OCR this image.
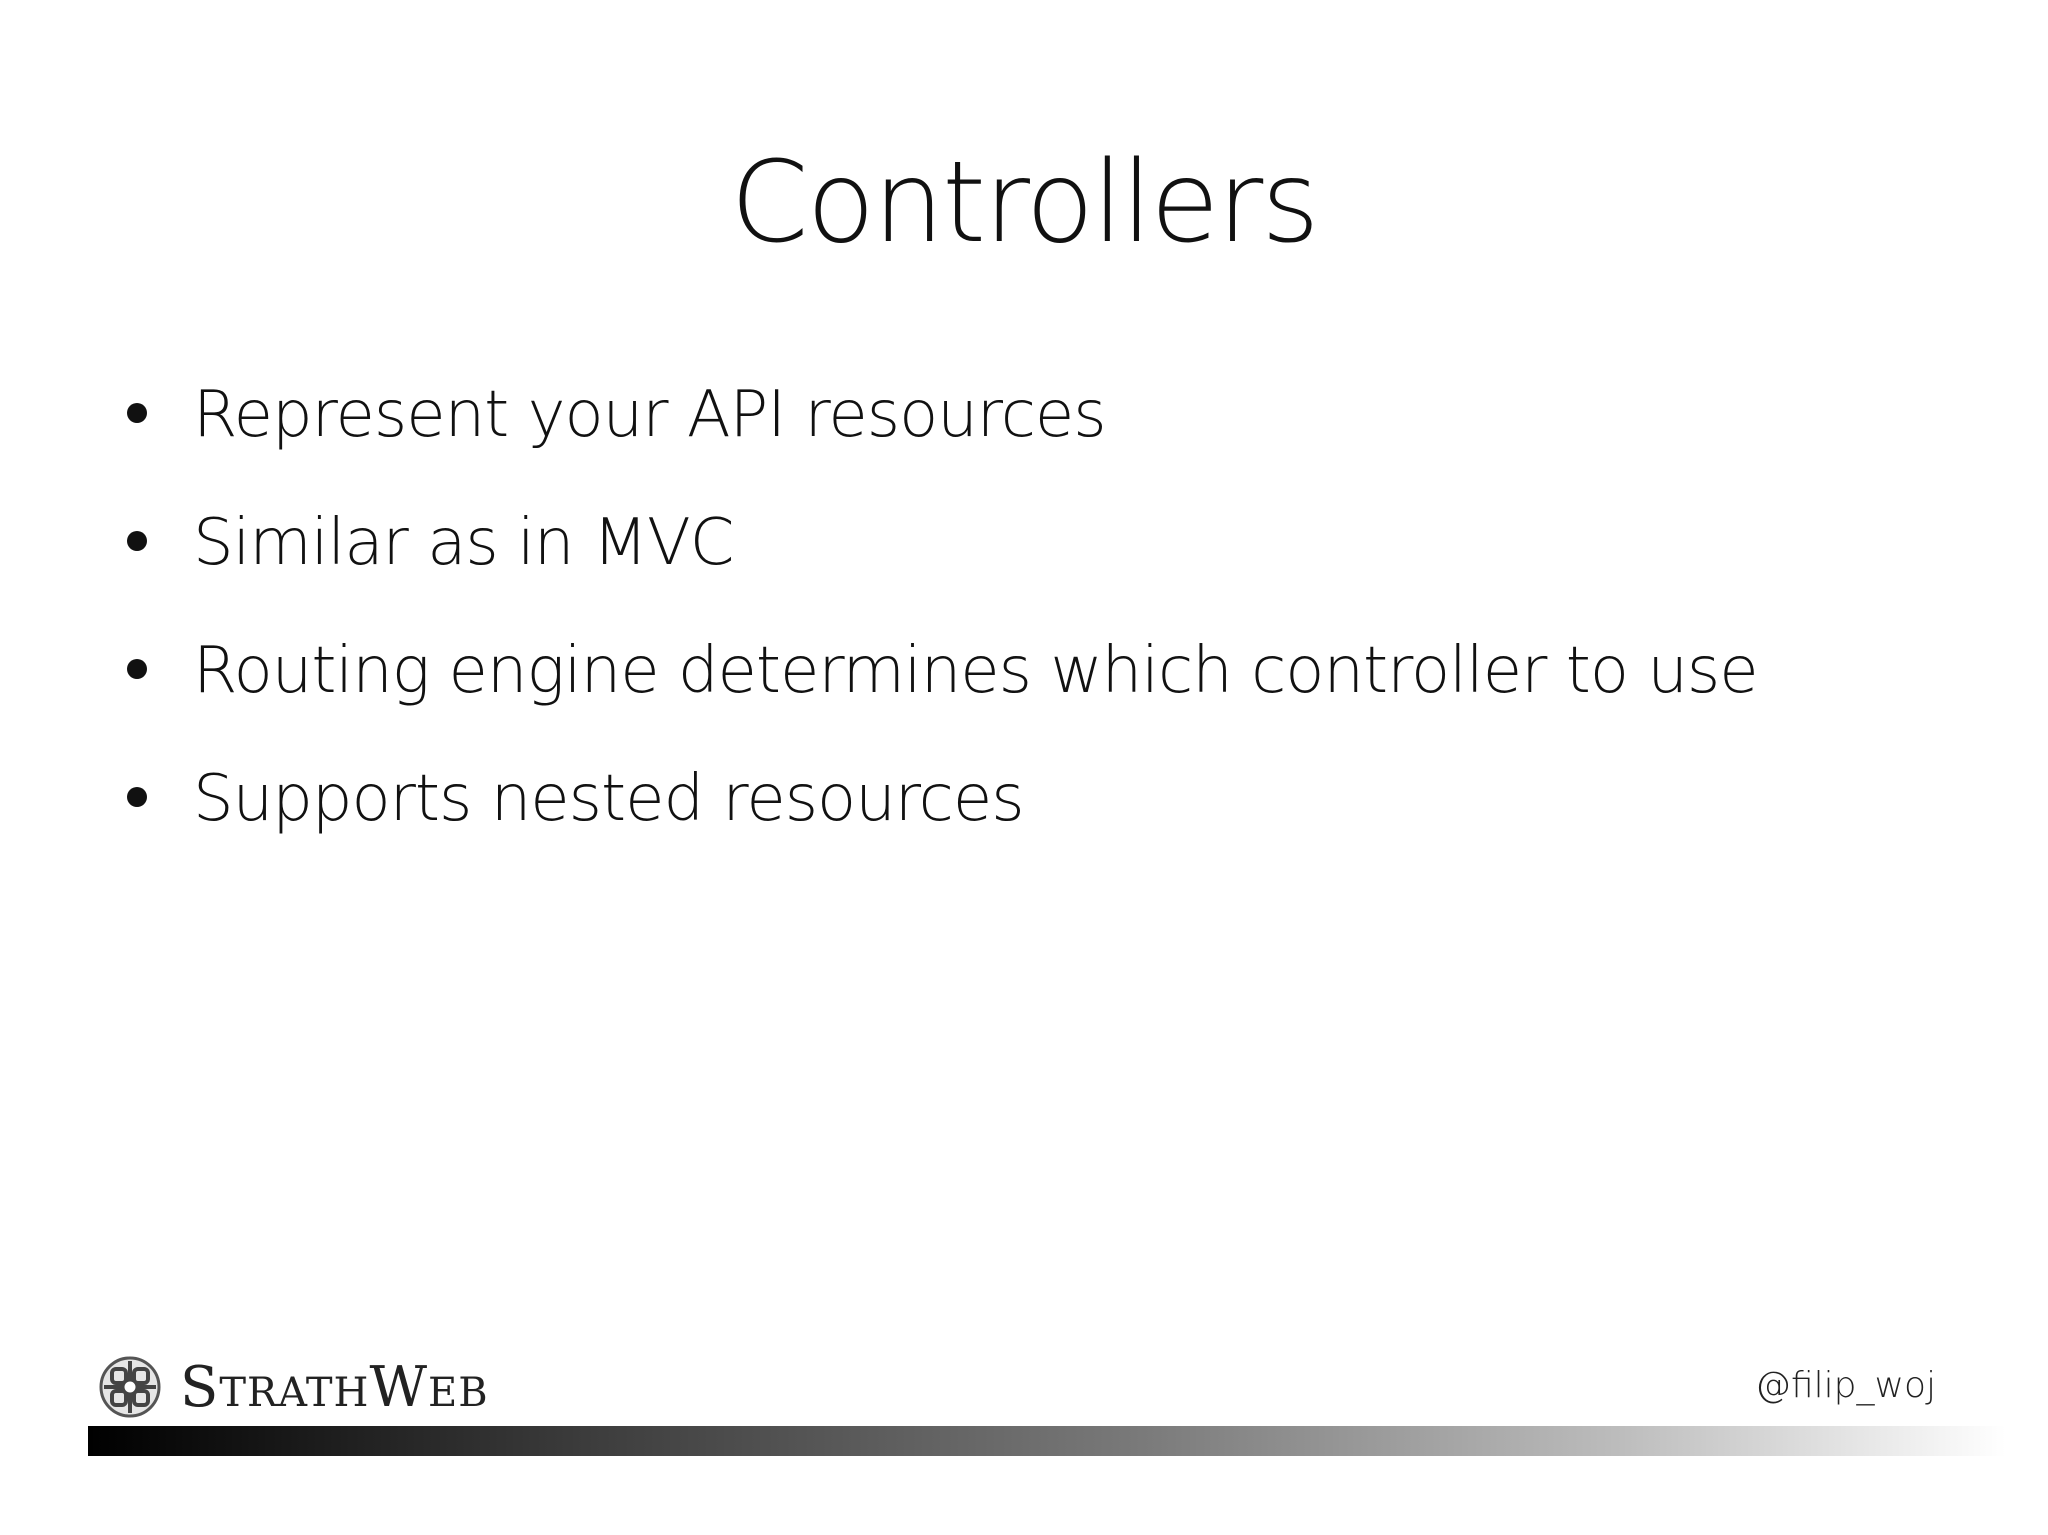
Controllers
Represent your API resources
Similar as in MVC
Routing engine determines which controller to use
Supports nested resources
STRATHWEB	@filip_woj
